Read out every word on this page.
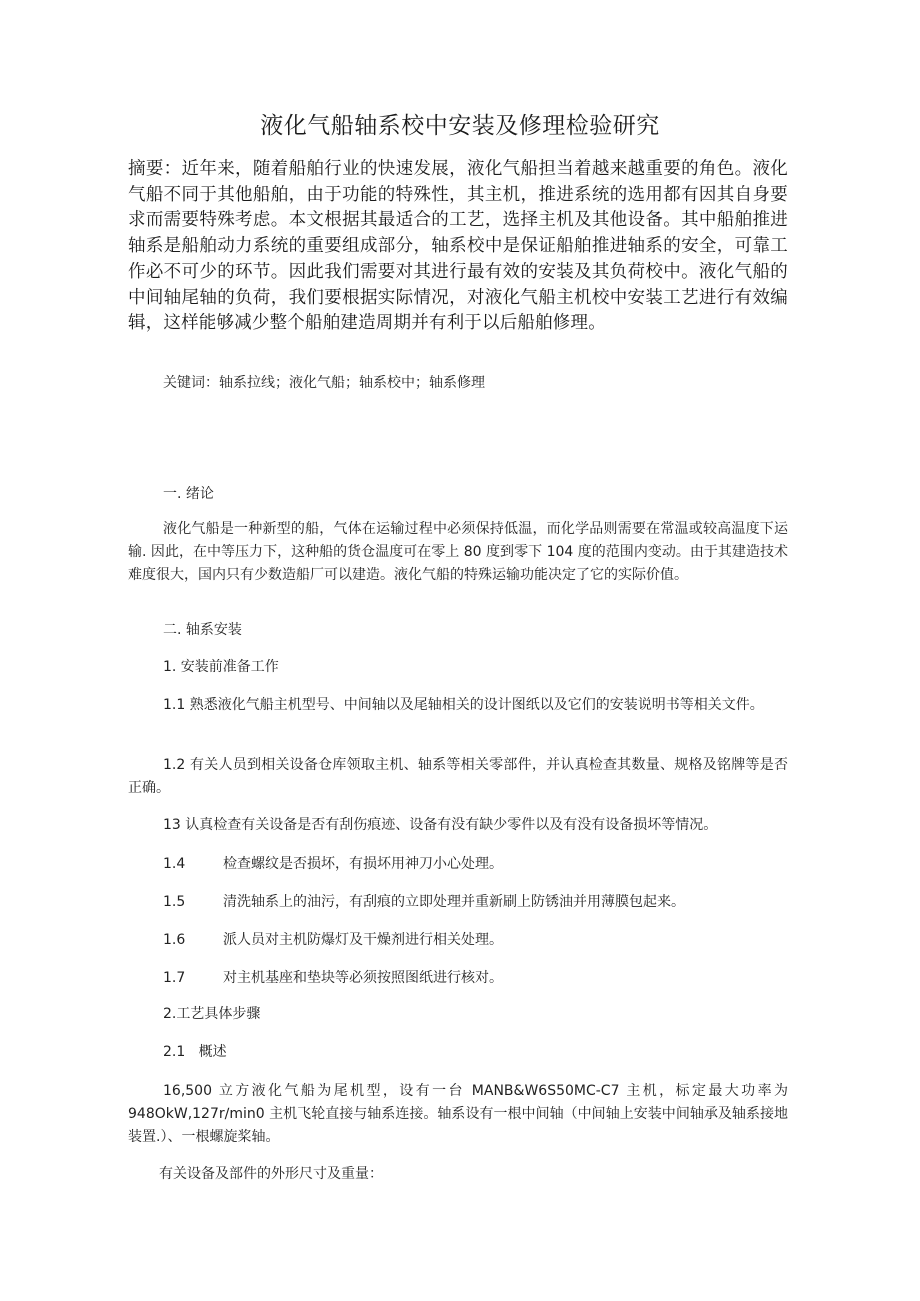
液化气船轴系校中安装及修理检验研究

摘要：近年来，随着船舶行业的快速发展，液化气船担当着越来越重要的角色。液化气船不同于其他船舶，由于功能的特殊性，其主机，推进系统的选用都有因其自身要求而需要特殊考虑。本文根据其最适合的工艺，选择主机及其他设备。其中船舶推进轴系是船舶动力系统的重要组成部分，轴系校中是保证船舶推进轴系的安全，可靠工作必不可少的环节。因此我们需要对其进行最有效的安装及其负荷校中。液化气船的中间轴尾轴的负荷，我们要根据实际情况，对液化气船主机校中安装工艺进行有效编辑，这样能够减少整个船舶建造周期并有利于以后船舶修理。

关键词：轴系拉线；液化气船；轴系校中；轴系修理

一. 绪论

液化气船是一种新型的船，气体在运输过程中必须保持低温，而化学品则需要在常温或较高温度下运输. 因此，在中等压力下，这种船的货仓温度可在零上 80 度到零下 104 度的范围内变动。由于其建造技术难度很大，国内只有少数造船厂可以建造。液化气船的特殊运输功能决定了它的实际价值。

二. 轴系安装

1. 安装前准备工作

1.1 熟悉液化气船主机型号、中间轴以及尾轴相关的设计图纸以及它们的安装说明书等相关文件。

1.2 有关人员到相关设备仓库领取主机、轴系等相关零部件，并认真检查其数量、规格及铭牌等是否正确。

13 认真检查有关设备是否有刮伤痕迹、设备有没有缺少零件以及有没有设备损坏等情况。

1.4	检查螺纹是否损坏，有损坏用神刀小心处理。

1.5	清洗轴系上的油污，有刮痕的立即处理并重新刷上防锈油并用薄膜包起来。

1.6	派人员对主机防爆灯及干燥剂进行相关处理。

1.7	对主机基座和垫块等必须按照图纸进行核对。

2.工艺具体步骤

2.1   概述

16,500 立方液化气船为尾机型，设有一台 MANB&W6S50MC-C7 主机，标定最大功率为 948OkW,127r∕min0 主机飞轮直接与轴系连接。轴系设有一根中间轴（中间轴上安装中间轴承及轴系接地装置.）、一根螺旋桨轴。

有关设备及部件的外形尺寸及重量：
